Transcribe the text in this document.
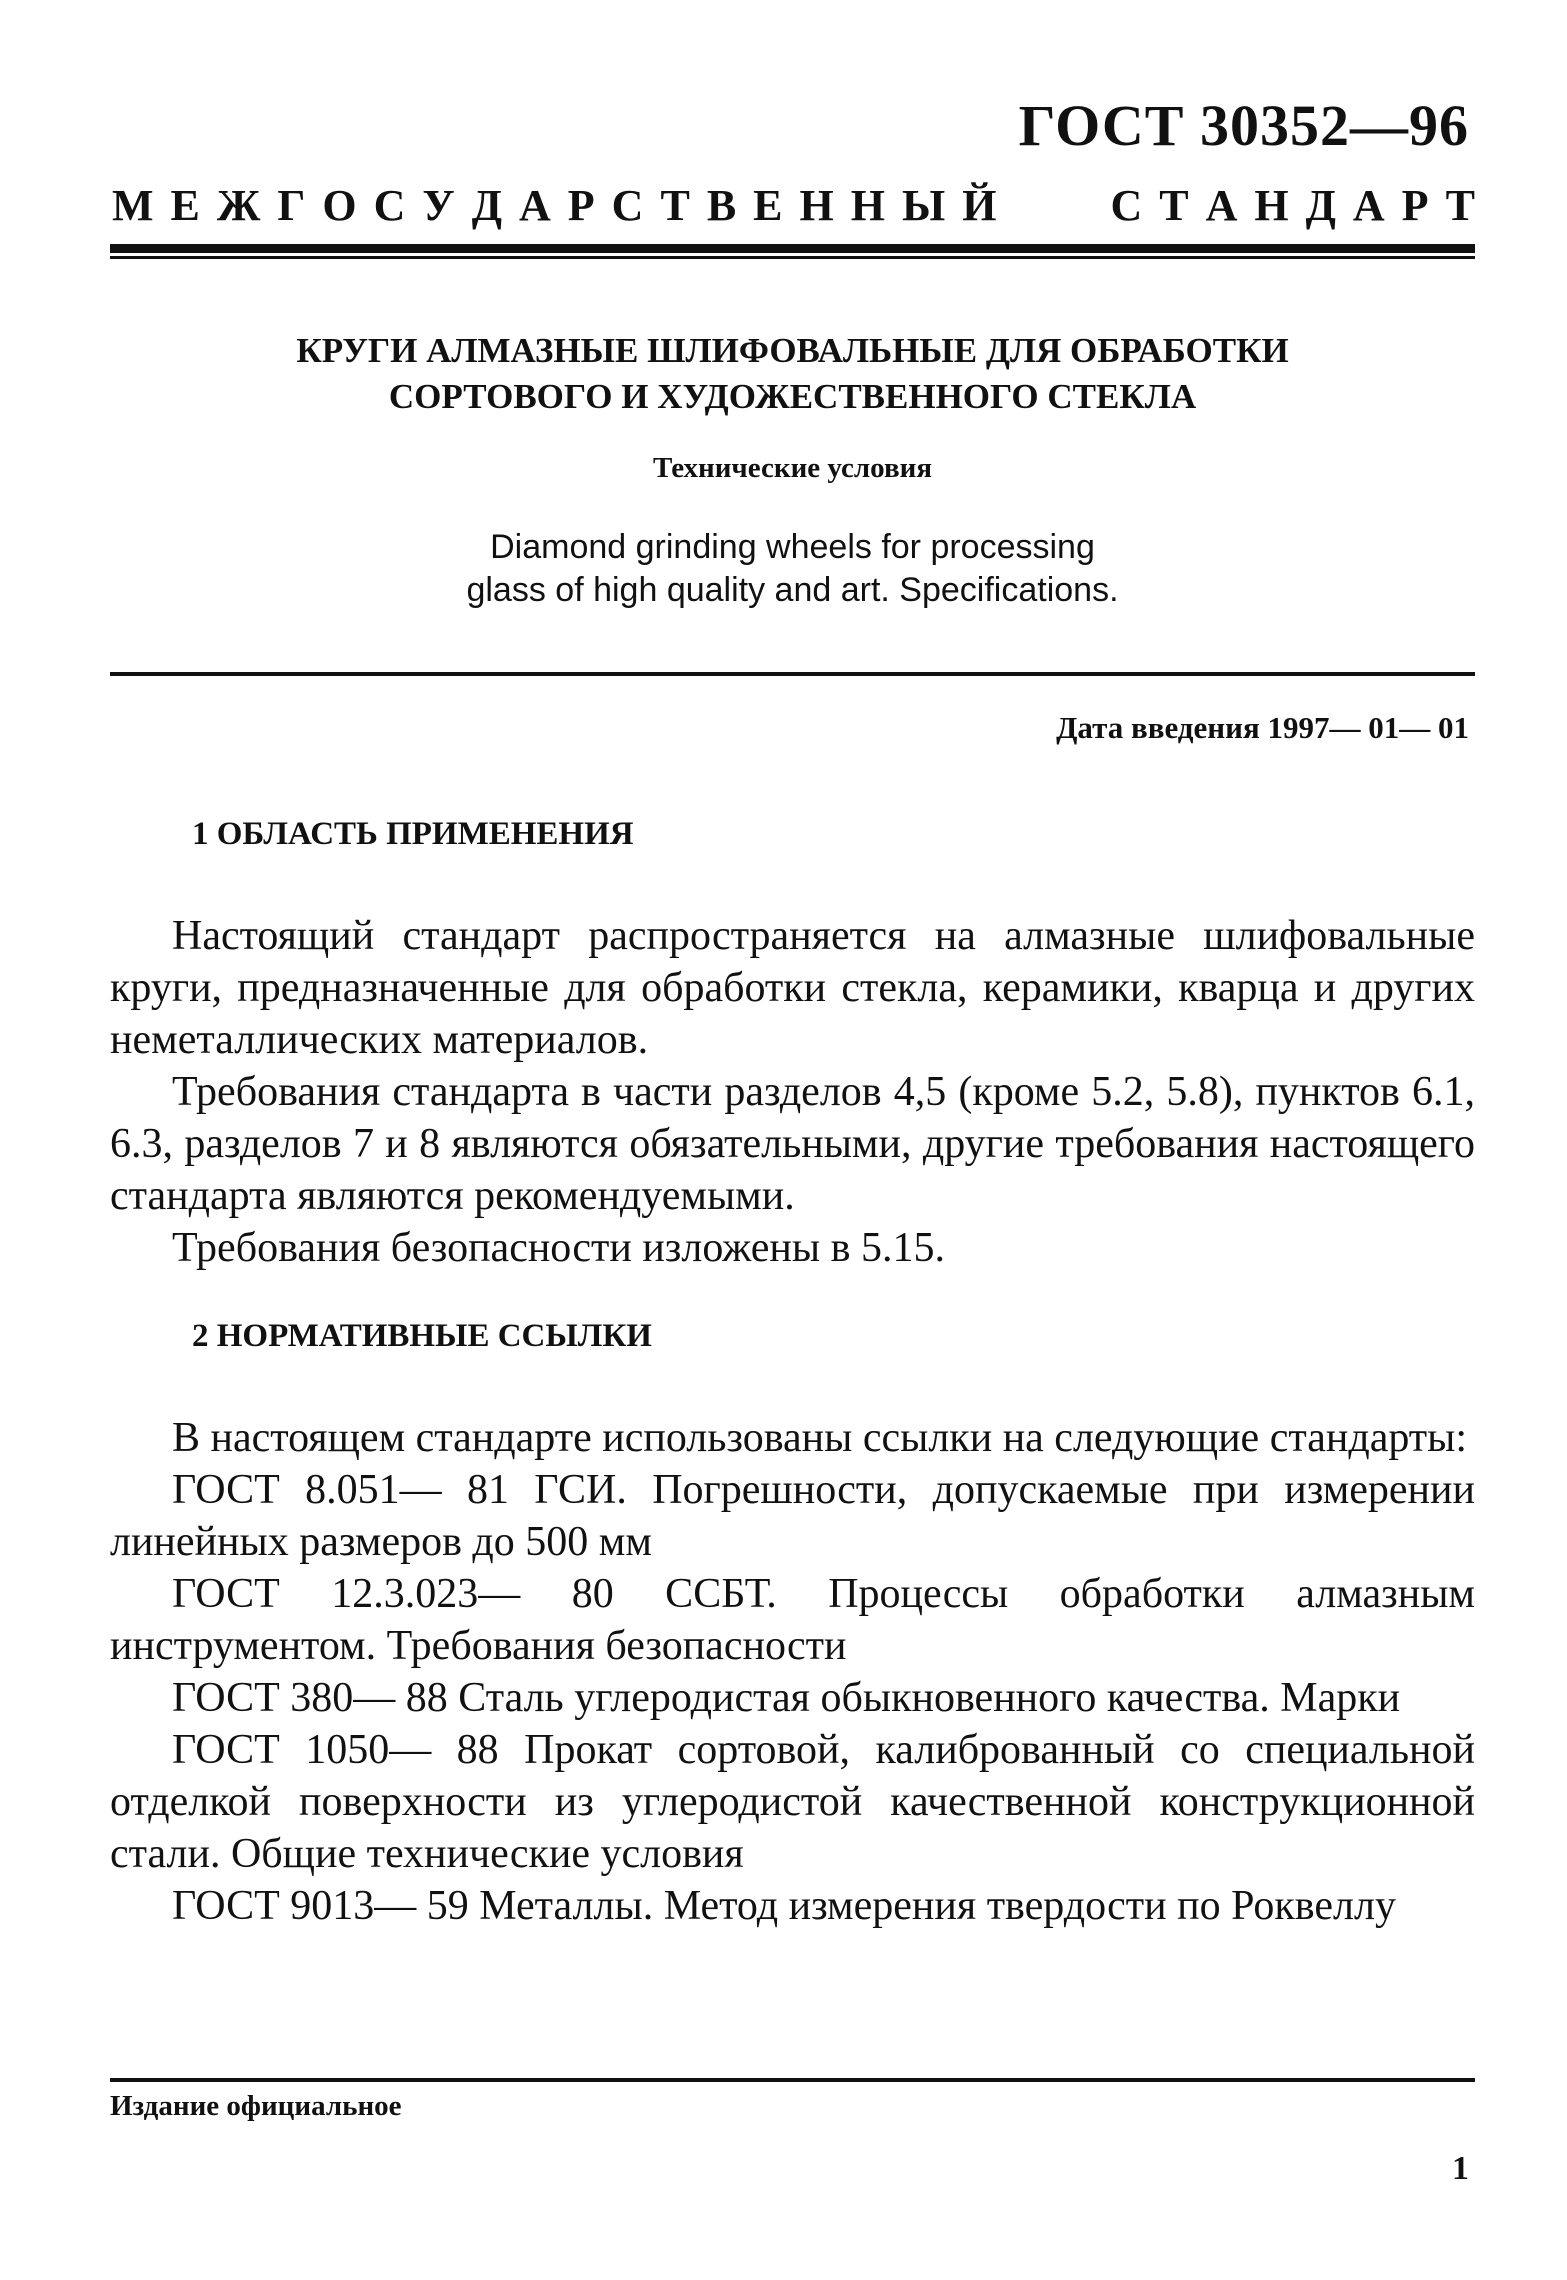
ГОСТ 30352—96
М Е Ж Г О С У Д А Р С Т В Е Н Н Ы Й	С Т А Н Д А Р Т
КРУГИ АЛМАЗНЫЕ ШЛИФОВАЛЬНЫЕ ДЛЯ ОБРАБОТКИ
СОРТОВОГО И ХУДОЖЕСТВЕННОГО СТЕКЛА
Технические условия
Diamond grinding wheels for processing
glass of high quality and art. Specifications.
Дата введения 1997— 01— 01
1 ОБЛАСТЬ ПРИМЕНЕНИЯ

Настоящий стандарт распространяется на алмазные шлифовальные круги, предназначенные для обработки стекла, керамики, кварца и других неметаллических материалов.

Требования стандарта в части разделов 4,5 (кроме 5.2, 5.8), пунктов 6.1, 6.3, разделов 7 и 8 являются обязательными, другие требования настоящего стандарта являются рекомендуемыми.

Требования безопасности изложены в 5.15.

2 НОРМАТИВНЫЕ ССЫЛКИ

В настоящем стандарте использованы ссылки на следующие стандарты:

ГОСТ 8.051— 81 ГСИ. Погрешности, допускаемые при измерении линейных размеров до 500 мм

ГОСТ 12.3.023— 80 ССБТ. Процессы обработки алмазным инструментом. Требования безопасности

ГОСТ 380— 88 Сталь углеродистая обыкновенного качества. Марки

ГОСТ 1050— 88 Прокат сортовой, калиброванный со специальной отделкой поверхности из углеродистой качественной конструкционной стали. Общие технические условия

ГОСТ 9013— 59 Металлы. Метод измерения твердости по Роквеллу

Издание официальное
1
